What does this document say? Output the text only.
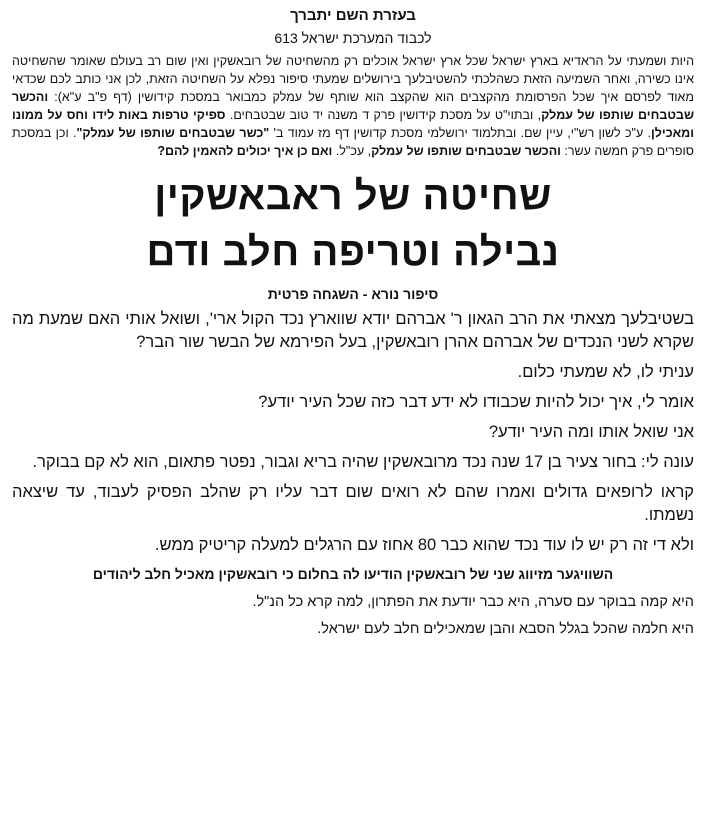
בעזרת השם יתברך
לכבוד המערכת ישראל 613

היות ושמעתי על הראדיא בארץ ישראל שכל ארץ ישראל אוכלים רק מהשחיטה של רובאשקין ואין שום רב בעולם שאומר שהשחיטה אינו כשירה, ואחר השמיעה הזאת כשהלכתי להשטיבלעך בירושלים שמעתי סיפור נפלא על השחיטה הזאת, לכן אני כותב לכם שכדאי מאוד לפרסם איך שכל הפרסומת מהקצבים הוא שהקצב הוא שותף של עמלק כמבואר במסכת קידושין (דף פ"ב ע"א): והכשר שבטבחים שותפו של עמלק, ובתוי"ט על מסכת קידושין פרק ד משנה יד טוב שבטבחים. ספיקי טרפות באות לידו וחס על ממונו ומאכילן. ע"כ לשון רש"י, עיין שם. ובתלמוד ירושלמי מסכת קדושין דף מז עמוד ב' "כשר שבטבחים שותפו של עמלק". וכן במסכת סופרים פרק חמשה עשר: והכשר שבטבחים שותפו של עמלק, עכ"ל. ואם כן איך יכולים להאמין להם?

שחיטה של ראבאשקין
נבילה וטריפה חלב ודם
סיפור נורא - השגחה פרטית

בשטיבלעך מצאתי את הרב הגאון ר' אברהם יודא שווארץ נכד הקול ארי', ושואל אותי האם שמעת מה שקרא לשני הנכדים של אברהם אהרן רובאשקין, בעל הפירמא של הבשר שור הבר?

עניתי לו, לא שמעתי כלום.

אומר לי, איך יכול להיות שכבודו לא ידע דבר כזה שכל העיר יודע?

אני שואל אותו ומה העיר יודע?

עונה לי: בחור צעיר בן 17 שנה נכד מרובאשקין שהיה בריא וגבור, נפטר פתאום, הוא לא קם בבוקר.

קראו לרופאים גדולים ואמרו שהם לא רואים שום דבר עליו רק שהלב הפסיק לעבוד, עד שיצאה נשמתו.

ולא די זה רק יש לו עוד נכד שהוא כבר 80 אחוז עם הרגלים למעלה קריטיק ממש.

השוויגער מזיווג שני של רובאשקין הודיעו לה בחלום כי רובאשקין מאכיל חלב ליהודים

היא קמה בבוקר עם סערה, היא כבר יודעת את הפתרון, למה קרא כל הנ"ל.

היא חלמה שהכל בגלל הסבא והבן שמאכילים חלב לעם ישראל.
